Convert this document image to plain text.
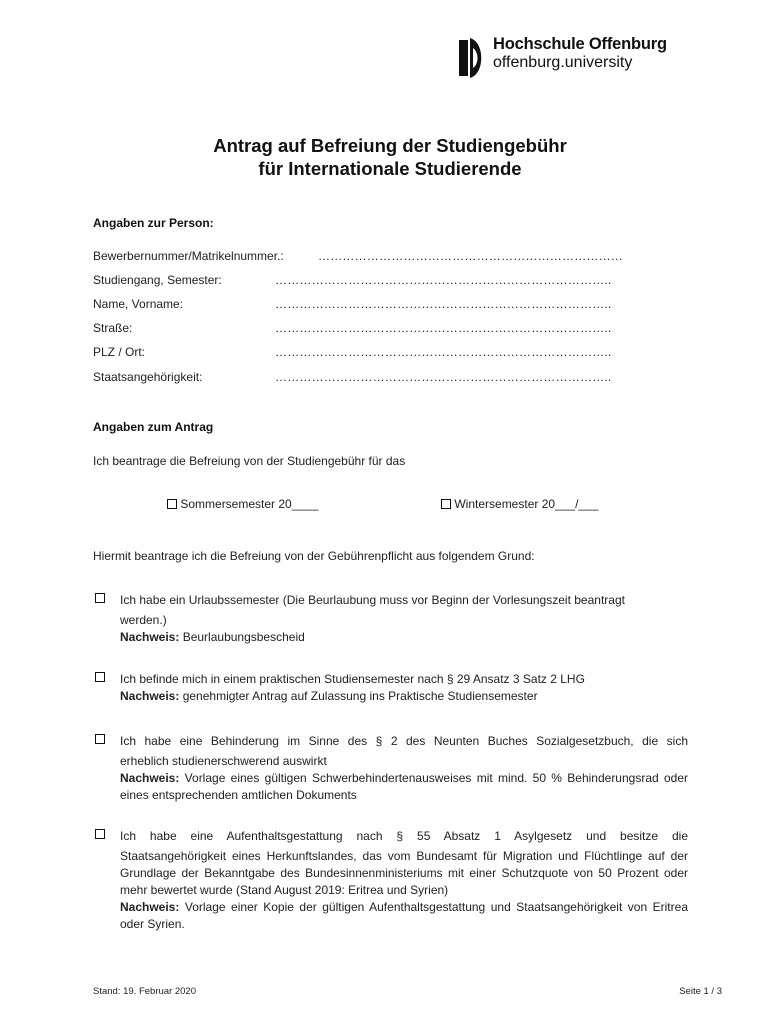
Hochschule Offenburg
offenburg.university
Antrag auf Befreiung der Studiengebühr
für Internationale Studierende
Angaben zur Person:
Bewerbernummer/Matrikelnummer.:	…………………………………………………………………
Studiengang, Semester:	………………………………………………………………………..
Name, Vorname:	………………………………………………………………………..
Straße:	………………………………………………………………………..
PLZ / Ort:	………………………………………………………………………..
Staatsangehörigkeit:	………………………………………………………………………..
Angaben zum Antrag
Ich beantrage die Befreiung von der Studiengebühr für das
Sommersemester 20____	Wintersemester 20___/___
Hiermit beantrage ich die Befreiung von der Gebührenpflicht aus folgendem Grund:
Ich habe ein Urlaubssemester (Die Beurlaubung muss vor Beginn der Vorlesungszeit beantragt
werden.)
Nachweis: Beurlaubungsbescheid
Ich befinde mich in einem praktischen Studiensemester nach § 29 Ansatz 3 Satz 2 LHG
Nachweis: genehmigter Antrag auf Zulassung ins Praktische Studiensemester
Ich habe eine Behinderung im Sinne des § 2 des Neunten Buches Sozialgesetzbuch, die sich
erheblich studienerschwerend auswirkt
Nachweis: Vorlage eines gültigen Schwerbehindertenausweises mit mind. 50 % Behinderungsrad oder eines entsprechenden amtlichen Dokuments
Ich habe eine Aufenthaltsgestattung nach § 55 Absatz 1 Asylgesetz und besitze die
Staatsangehörigkeit eines Herkunftslandes, das vom Bundesamt für Migration und Flüchtlinge auf der Grundlage der Bekanntgabe des Bundesinnenministeriums mit einer Schutzquote von 50 Prozent oder mehr bewertet wurde (Stand August 2019: Eritrea und Syrien)
Nachweis: Vorlage einer Kopie der gültigen Aufenthaltsgestattung und Staatsangehörigkeit von Eritrea oder Syrien.
Stand: 19. Februar 2020	Seite 1 / 3
